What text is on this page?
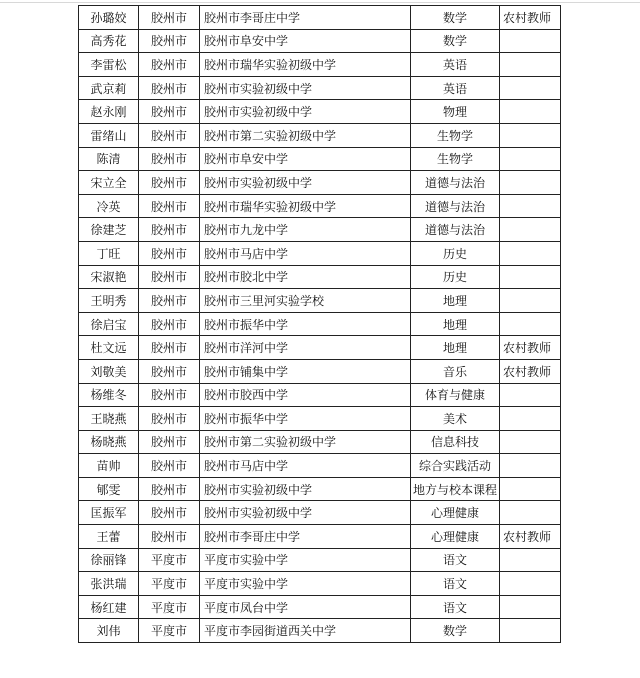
孙璐姣	胶州市	胶州市李哥庄中学	数学	农村教师
高秀花	胶州市	胶州市阜安中学	数学	
李雷松	胶州市	胶州市瑞华实验初级中学	英语	
武京莉	胶州市	胶州市实验初级中学	英语	
赵永刚	胶州市	胶州市实验初级中学	物理	
雷绪山	胶州市	胶州市第二实验初级中学	生物学	
陈清	胶州市	胶州市阜安中学	生物学	
宋立全	胶州市	胶州市实验初级中学	道德与法治	
冷英	胶州市	胶州市瑞华实验初级中学	道德与法治	
徐建芝	胶州市	胶州市九龙中学	道德与法治	
丁旺	胶州市	胶州市马店中学	历史	
宋淑艳	胶州市	胶州市胶北中学	历史	
王明秀	胶州市	胶州市三里河实验学校	地理	
徐启宝	胶州市	胶州市振华中学	地理	
杜文远	胶州市	胶州市洋河中学	地理	农村教师
刘敬美	胶州市	胶州市铺集中学	音乐	农村教师
杨维冬	胶州市	胶州市胶西中学	体育与健康	
王晓燕	胶州市	胶州市振华中学	美术	
杨晓燕	胶州市	胶州市第二实验初级中学	信息科技	
苗帅	胶州市	胶州市马店中学	综合实践活动	
郇雯	胶州市	胶州市实验初级中学	地方与校本课程	
匡振军	胶州市	胶州市实验初级中学	心理健康	
王蕾	胶州市	胶州市李哥庄中学	心理健康	农村教师
徐丽锋	平度市	平度市实验中学	语文	
张洪瑞	平度市	平度市实验中学	语文	
杨红建	平度市	平度市凤台中学	语文	
刘伟	平度市	平度市李园街道西关中学	数学	
